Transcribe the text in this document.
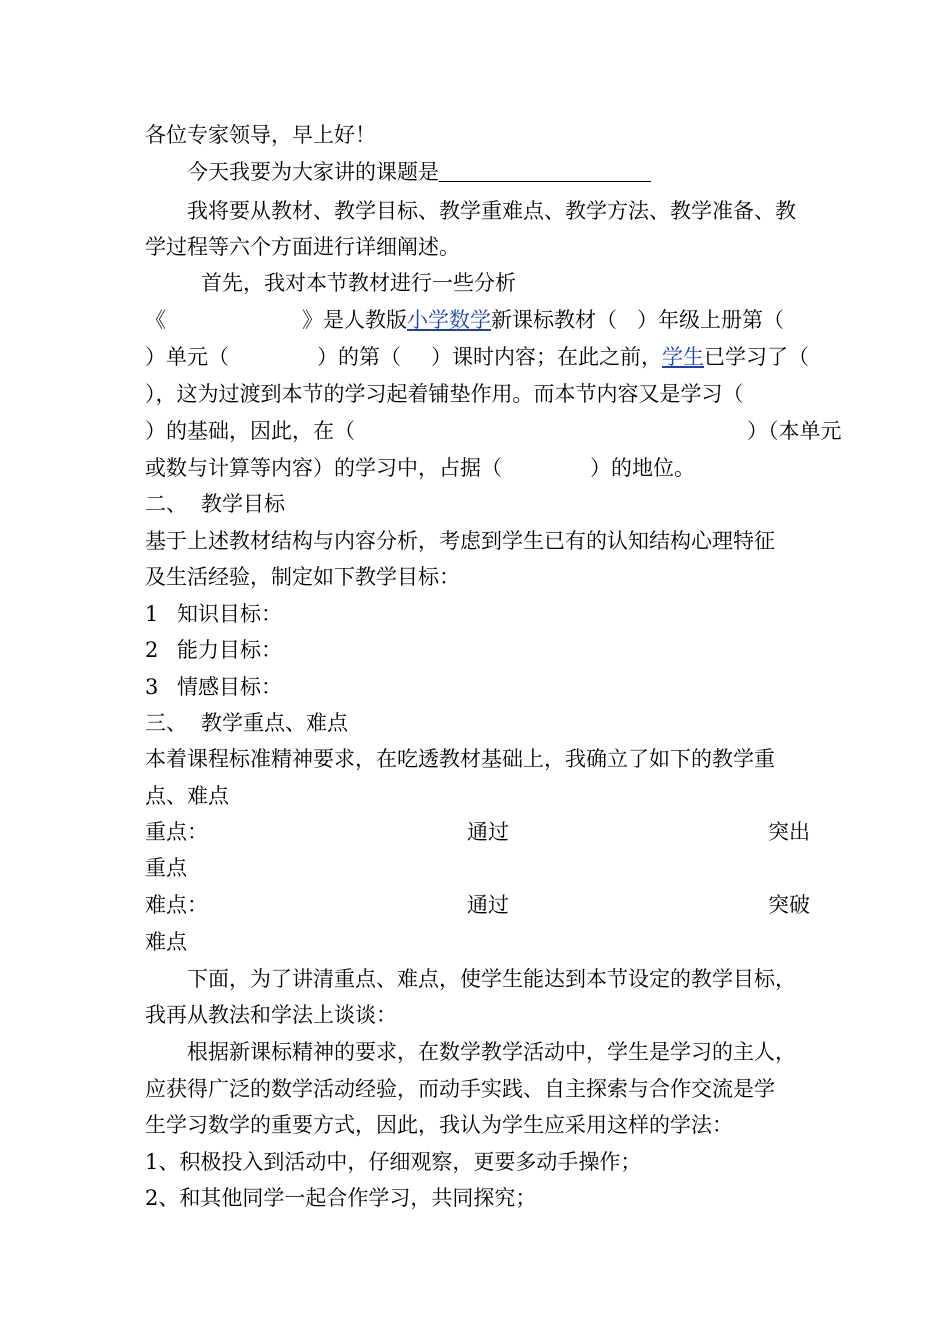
各位专家领导，早上好！
今天我要为大家讲的课题是
我将要从教材、教学目标、教学重难点、教学方法、教学准备、教
学过程等六个方面进行详细阐述。
首先，我对本节教材进行一些分析
《	》是人教版小学数学新课标教材（ ）年级上册第（
）单元（	）的第（ ）课时内容；在此之前，学生已学习了（
），这为过渡到本节的学习起着铺垫作用。而本节内容又是学习（
）的基础，因此，在（	）（本单元
或数与计算等内容）的学习中，占据（	）的地位。
二、 教学目标
基于上述教材结构与内容分析，考虑到学生已有的认知结构心理特征
及生活经验，制定如下教学目标：
1 知识目标：
2 能力目标：
3 情感目标：
三、 教学重点、难点
本着课程标准精神要求，在吃透教材基础上，我确立了如下的教学重
点、难点
重点：	通过	突出
重点
难点：	通过	突破
难点
下面，为了讲清重点、难点，使学生能达到本节设定的教学目标，
我再从教法和学法上谈谈：
根据新课标精神的要求，在数学教学活动中，学生是学习的主人，
应获得广泛的数学活动经验，而动手实践、自主探索与合作交流是学
生学习数学的重要方式，因此，我认为学生应采用这样的学法：
1、积极投入到活动中，仔细观察，更要多动手操作；
2、和其他同学一起合作学习，共同探究；
